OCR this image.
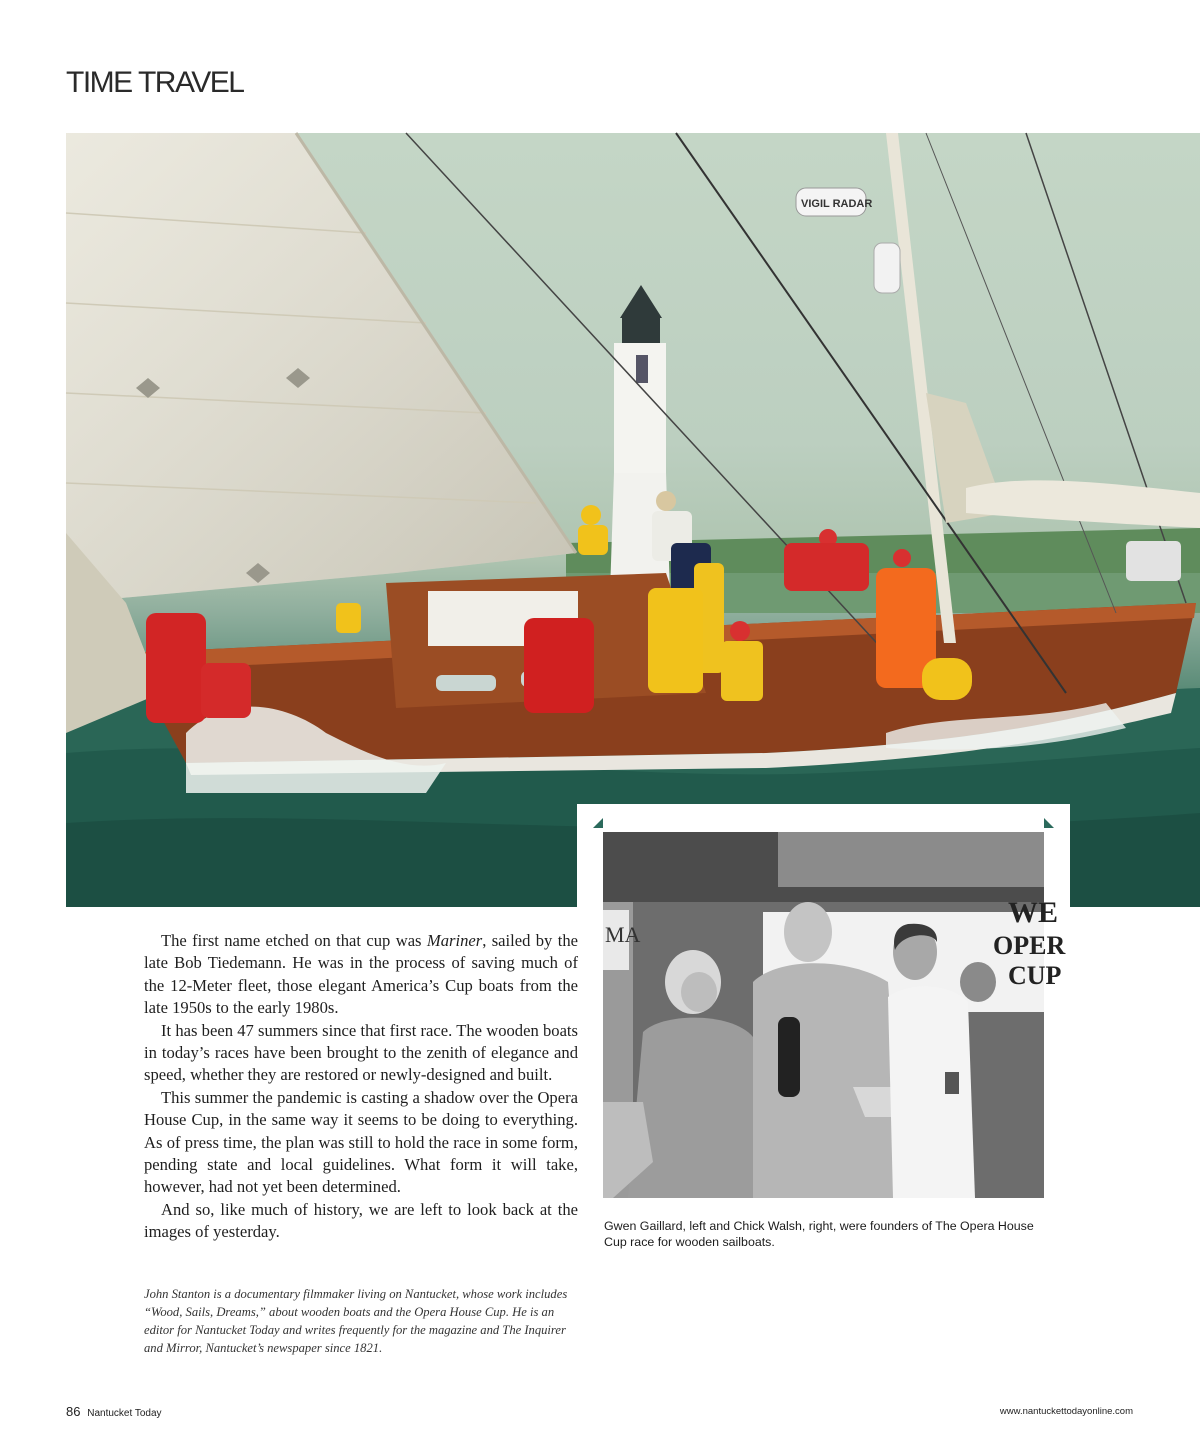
TIME TRAVEL
VIGIL RADAR
MA
WE
OPER
CUP
Gwen Gaillard, left and Chick Walsh, right, were founders of The Opera House Cup race for wooden sailboats.

The first name etched on that cup was Mariner, sailed by the late Bob Tiedemann. He was in the process of saving much of the 12-Meter fleet, those elegant America’s Cup boats from the late 1950s to the early 1980s.

It has been 47 summers since that first race. The wooden boats in today’s races have been brought to the zenith of elegance and speed, whether they are restored or newly-designed and built.

This summer the pandemic is casting a shadow over the Opera House Cup, in the same way it seems to be doing to everything. As of press time, the plan was still to hold the race in some form, pending state and local guidelines. What form it will take, however, had not yet been determined.

And so, like much of history, we are left to look back at the images of yesterday.

John Stanton is a documentary filmmaker living on Nantucket, whose work includes “Wood, Sails, Dreams,” about wooden boats and the Opera House Cup. He is an editor for Nantucket Today and writes frequently for the magazine and The Inquirer and Mirror, Nantucket’s newspaper since 1821.
86 Nantucket Today	www.nantuckettodayonline.com
